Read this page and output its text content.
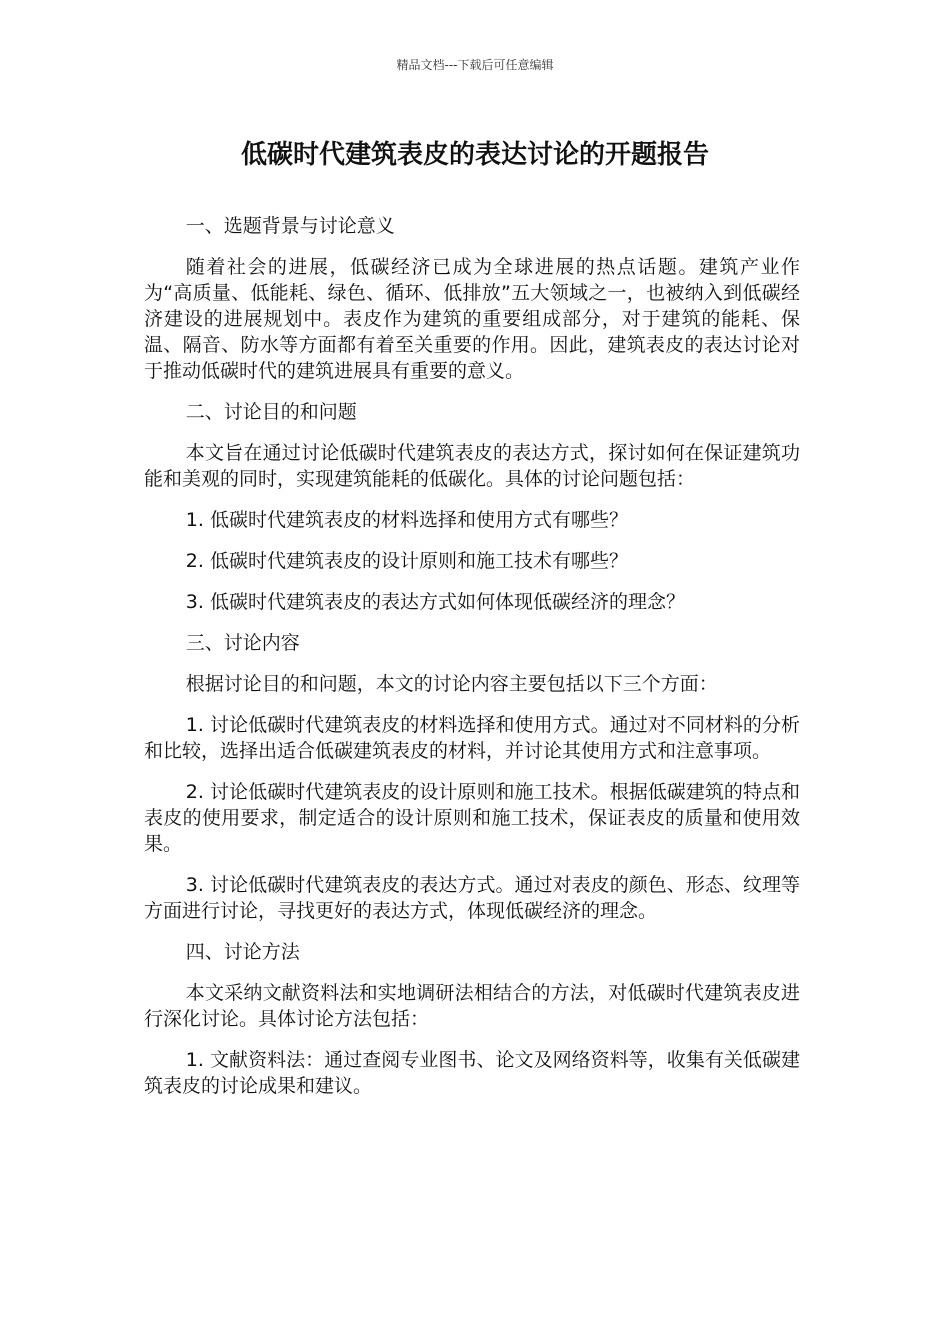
精品文档---下载后可任意编辑
低碳时代建筑表皮的表达讨论的开题报告

一、选题背景与讨论意义

随着社会的进展，低碳经济已成为全球进展的热点话题。建筑产业作为“高质量、低能耗、绿色、循环、低排放”五大领域之一，也被纳入到低碳经济建设的进展规划中。表皮作为建筑的重要组成部分，对于建筑的能耗、保温、隔音、防水等方面都有着至关重要的作用。因此，建筑表皮的表达讨论对于推动低碳时代的建筑进展具有重要的意义。

二、讨论目的和问题

本文旨在通过讨论低碳时代建筑表皮的表达方式，探讨如何在保证建筑功能和美观的同时，实现建筑能耗的低碳化。具体的讨论问题包括：

1. 低碳时代建筑表皮的材料选择和使用方式有哪些？

2. 低碳时代建筑表皮的设计原则和施工技术有哪些？

3. 低碳时代建筑表皮的表达方式如何体现低碳经济的理念？

三、讨论内容

根据讨论目的和问题，本文的讨论内容主要包括以下三个方面：

1. 讨论低碳时代建筑表皮的材料选择和使用方式。通过对不同材料的分析和比较，选择出适合低碳建筑表皮的材料，并讨论其使用方式和注意事项。

2. 讨论低碳时代建筑表皮的设计原则和施工技术。根据低碳建筑的特点和表皮的使用要求，制定适合的设计原则和施工技术，保证表皮的质量和使用效果。

3. 讨论低碳时代建筑表皮的表达方式。通过对表皮的颜色、形态、纹理等方面进行讨论，寻找更好的表达方式，体现低碳经济的理念。

四、讨论方法

本文采纳文献资料法和实地调研法相结合的方法，对低碳时代建筑表皮进行深化讨论。具体讨论方法包括：

1. 文献资料法：通过查阅专业图书、论文及网络资料等，收集有关低碳建筑表皮的讨论成果和建议。
